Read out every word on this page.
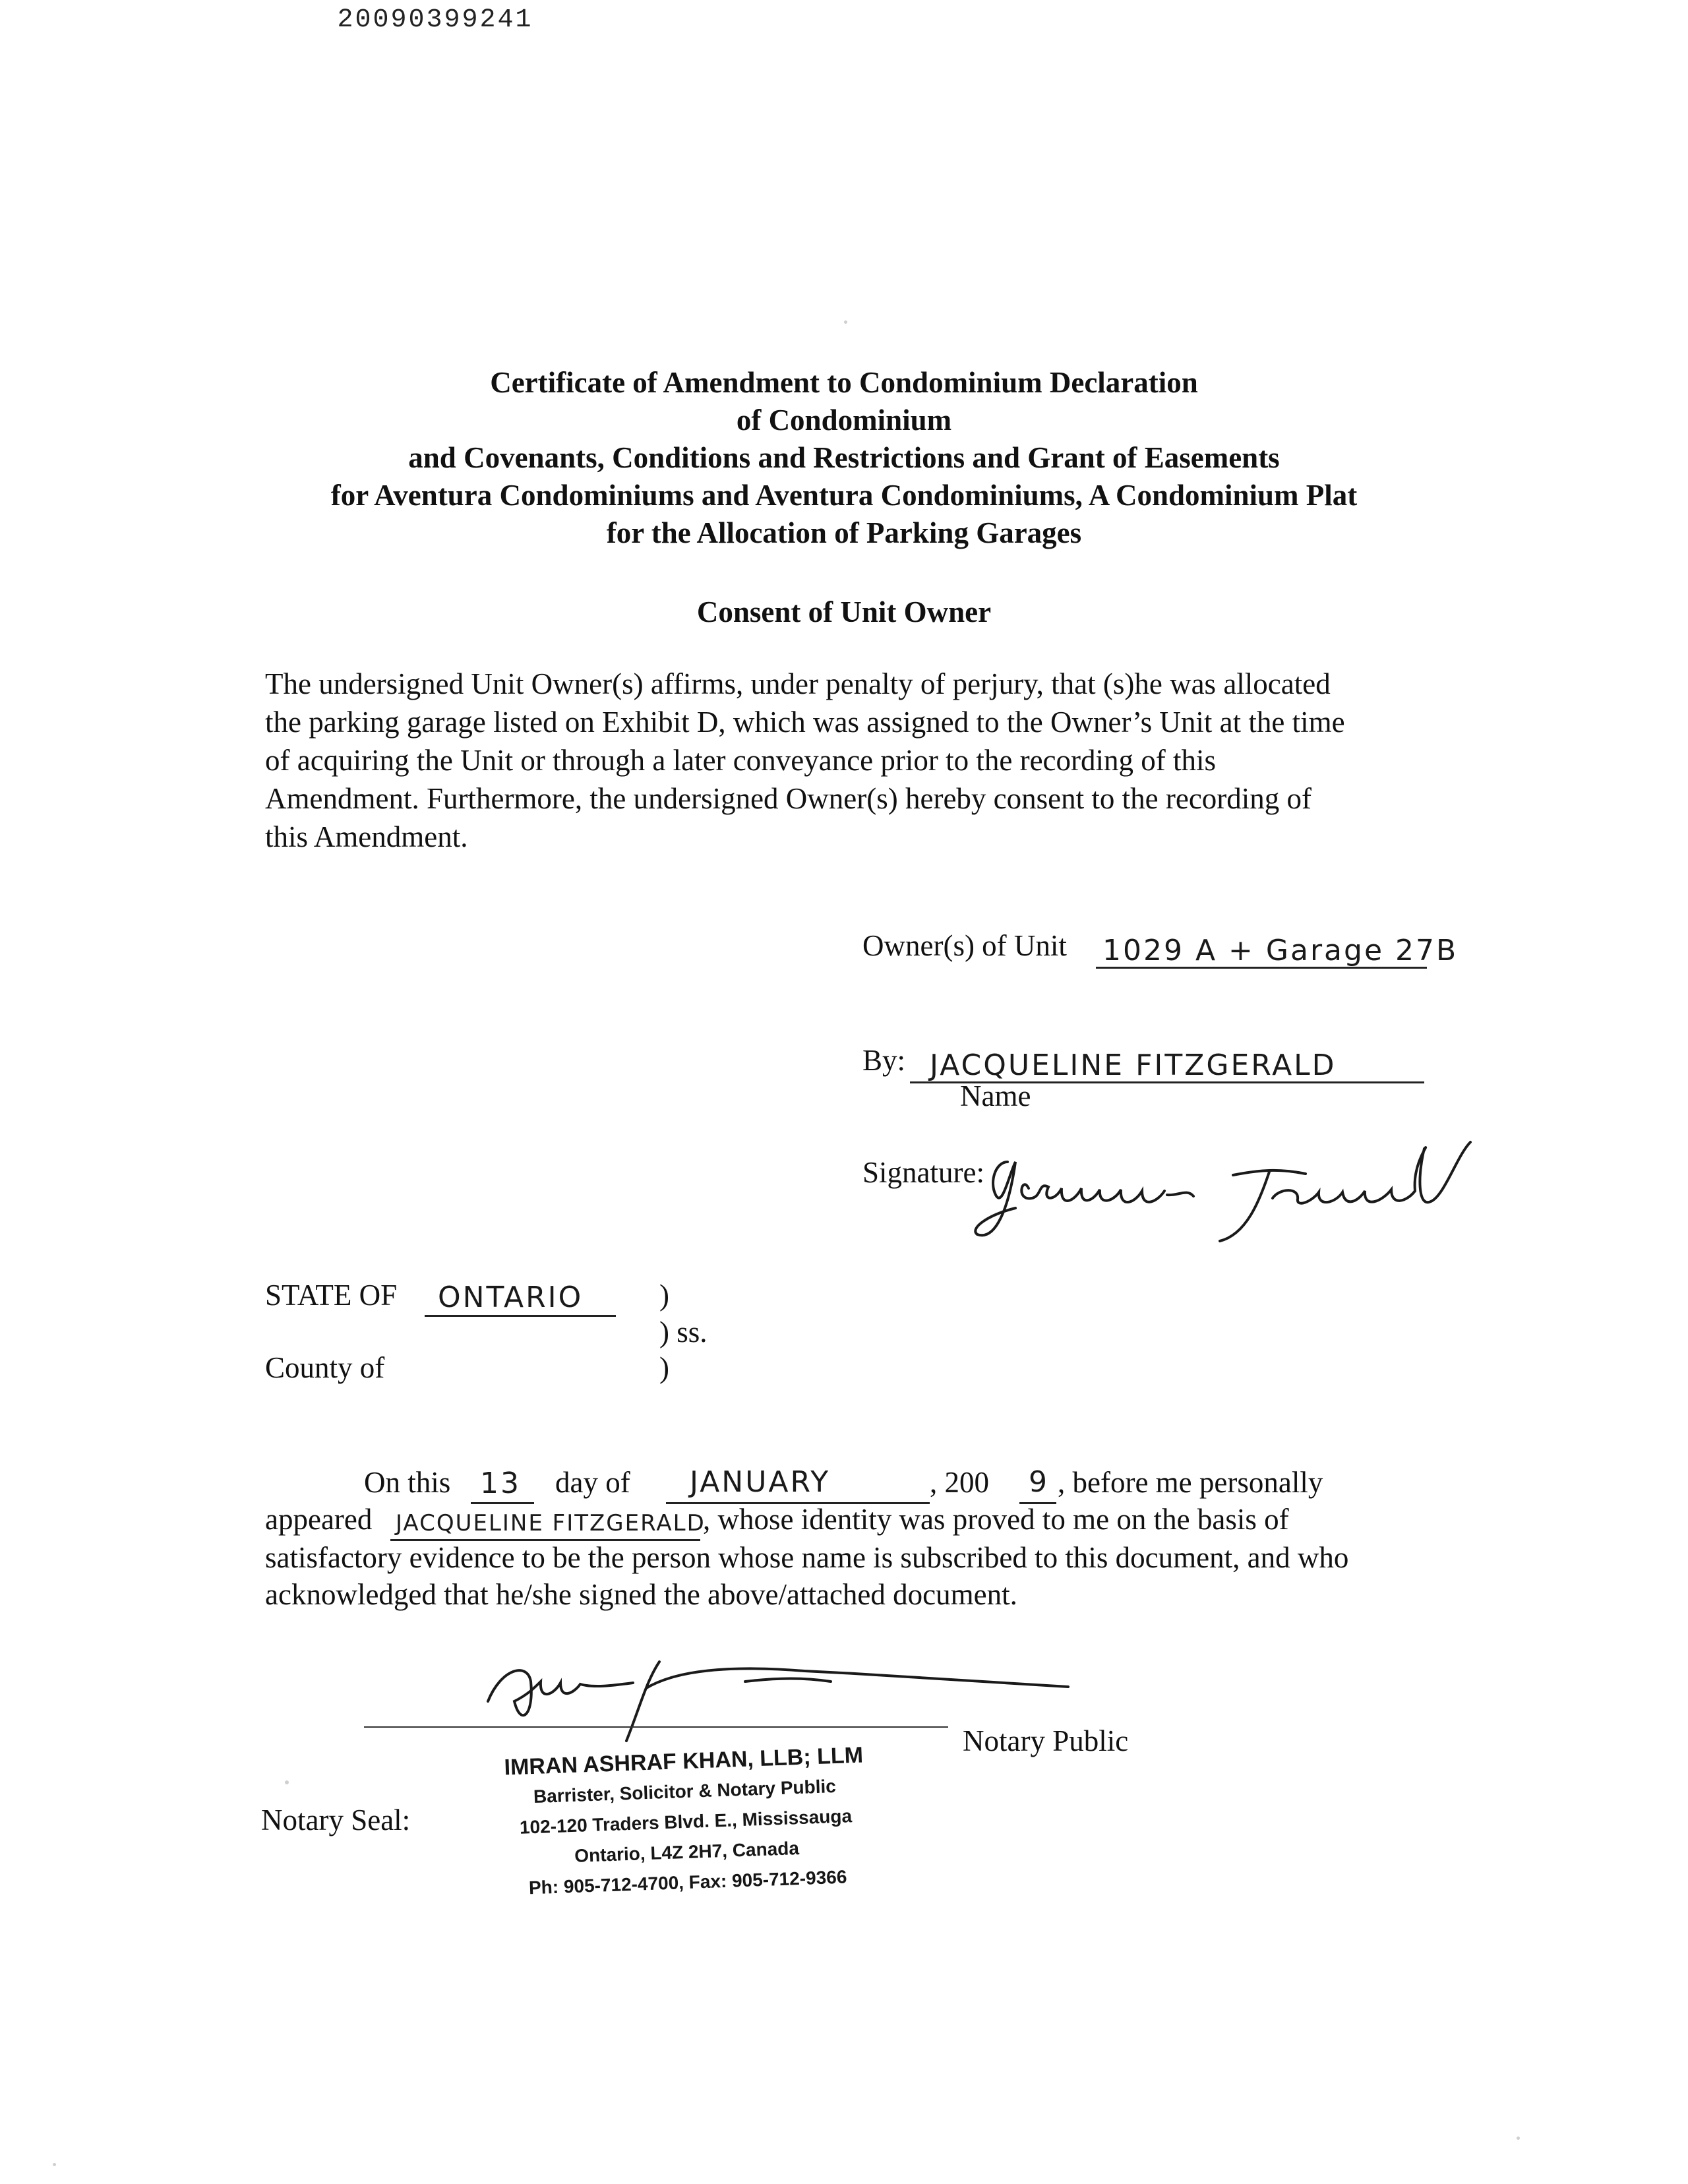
20090399241
Certificate of Amendment to Condominium Declaration
of Condominium
and Covenants, Conditions and Restrictions and Grant of Easements
for Aventura Condominiums and Aventura Condominiums, A Condominium Plat
for the Allocation of Parking Garages
Consent of Unit Owner
The undersigned Unit Owner(s) affirms, under penalty of perjury, that (s)he was allocated
the parking garage listed on Exhibit D, which was assigned to the Owner’s Unit at the time
of acquiring the Unit or through a later conveyance prior to the recording of this
Amendment. Furthermore, the undersigned Owner(s) hereby consent to the recording of
this Amendment.
Owner(s) of Unit 1029 A + Garage 27B
By: JACQUELINE FITZGERALD
Name
Signature:
STATE OF ONTARIO	)
) ss.
County of	)
On this 13 day of JANUARY	, 200 9 , before me personally
appeared JACQUELINE FITZGERALD
, whose identity was proved to me on the basis of
satisfactory evidence to be the person whose name is subscribed to this document, and who
acknowledged that he/she signed the above/attached document.
Notary Public
IMRAN ASHRAF KHAN, LLB; LLM
Barrister, Solicitor & Notary Public
102-120 Traders Blvd. E., Mississauga
Ontario, L4Z 2H7, Canada
Ph: 905-712-4700, Fax: 905-712-9366
Notary Seal:
